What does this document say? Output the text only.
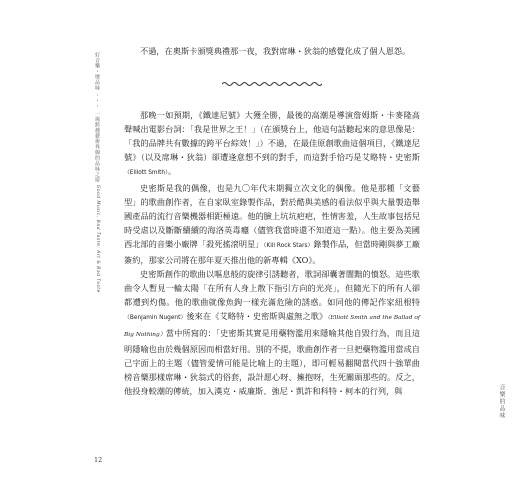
好音樂・壞品味 ・・・ 一場跨越藝術界線的品味之辯 Good Music, Bad Taste: Art & Bad Taste

不過，在奧斯卡頒獎典禮那一夜，我對席琳・狄翁的感覺化成了個人恩怨。

那晚一如預期，《鐵達尼號》大獲全勝，最後的高潮是導演詹姆斯・卡麥隆高聲喊出電影台詞：「我是世界之王！」（在頒獎台上，他這句話聽起來的意思像是：「我的品牌共有數據的跨平台綜效！」）不過，在最佳原創歌曲這個項目，《鐵達尼號》（以及席琳・狄翁）卻遭逢意想不到的對手，而這對手恰巧是艾略特・史密斯（Elliott Smith）。

史密斯是我的偶像，也是九〇年代末期獨立次文化的偶像。他是那種「文藝型」的歌曲創作者，在自家臥室錄製作品，對於酷與美感的看法似乎與大量製造舉國產品的流行音樂機器相距極遠。他的臉上坑坑疤疤，性情害羞，人生故事包括兒時受虐以及斷斷續續的海洛英毒癮（儘管我當時還不知道這一點）。他主要為美國西北部的音樂小廠牌「殺死搖滾明星」（Kill Rock Stars）錄製作品，但當時剛與夢工廠簽約，那家公司將在那年夏天推出他的新專輯《XO》。

史密斯創作的歌曲以嘔息般的旋律引誘聽者，歌詞卻囊著闇黜的憤怒。這些歌曲令人暫見一輪太陽「在所有人身上散下指引方向的光亮」，但隨光下的所有人卻都遭到灼傷。他的歌曲就像魚鉤一樣充滿危險的誘惑。如同他的傳記作家紐根特（Benjamin Nugent）後來在《艾略特・史密斯與虛無之歌》（Elliott Smith and the Ballad of Big Nothing）當中所寫的：「史密斯其實是用藥物濫用來隱喻其他自毀行為，而且這明隱喻也由於幾個原因而相當好用。別的不提，歌曲創作者一旦把藥物濫用當成自己字面上的主題（儘管愛情可能是比喻上的主題），即可輕易翻閱當代四十強單曲榜音樂那樣席琳・狄翁式的俗套，設計愿心呀、擁抱呀，生死關頭那些的。反之，他投身較潮的傳統，加入漢克・威廉斯、強尼・凱許和科特・柯本的行列，與	音樂的品味
12
